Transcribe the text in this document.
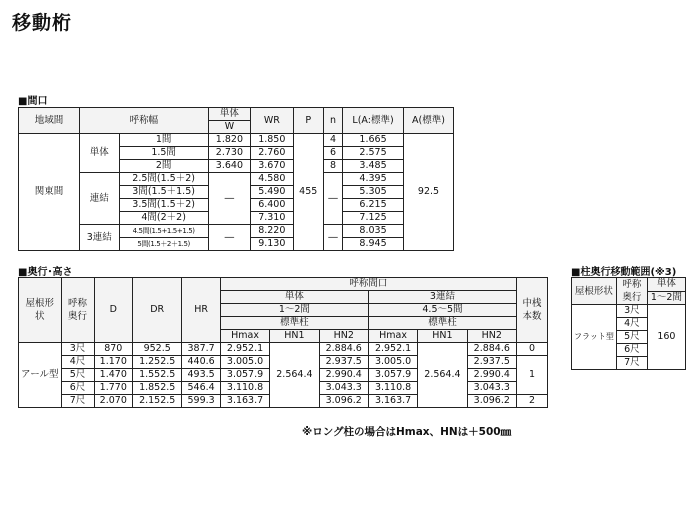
移動桁
■間口
地域間	呼称幅		単体	WR	P	n	L(A:標準)	A(標準)
			W					
関東間	単体	1間	1.820	1.850	455	4	1.665	92.5
		1.5間	2.730	2.760		6	2.575	
		2間	3.640	3.670		8	3.485	
	連結	2.5間(1.5＋2)	―	4.580		―	4.395	
		3間(1.5＋1.5)		5.490			5.305	
		3.5間(1.5＋2)		6.400			6.215	
		4間(2＋2)		7.310			7.125	
	3連結	4.5間(1.5+1.5+1.5)	―	8.220		―	8.035	
		5間(1.5＋2＋1.5)		9.130			8.945	
■奥行･高さ
屋根形状	呼称奥行	D	DR	HR	呼称間口						中桟本数
					単体			3連結			
					1～2間			4.5～5間			
					標準柱			標準柱			
					Hmax	HN1	HN2	Hmax	HN1	HN2	
アール型	3尺	870	952.5	387.7	2.952.1	2.564.4	2.884.6	2.952.1	2.564.4	2.884.6	0
	4尺	1.170	1.252.5	440.6	3.005.0		2.937.5	3.005.0		2.937.5	1
	5尺	1.470	1.552.5	493.5	3.057.9		2.990.4	3.057.9		2.990.4	
	6尺	1.770	1.852.5	546.4	3.110.8		3.043.3	3.110.8		3.043.3	
	7尺	2.070	2.152.5	599.3	3.163.7		3.096.2	3.163.7		3.096.2	2
■柱奥行移動範囲(※3)
屋根形状	呼称奥行	単体
		1～2間
フラット型	3尺	160
	4尺	
	5尺	
	6尺	
	7尺	
※ロング柱の場合はHmax、HNは＋500㎜
